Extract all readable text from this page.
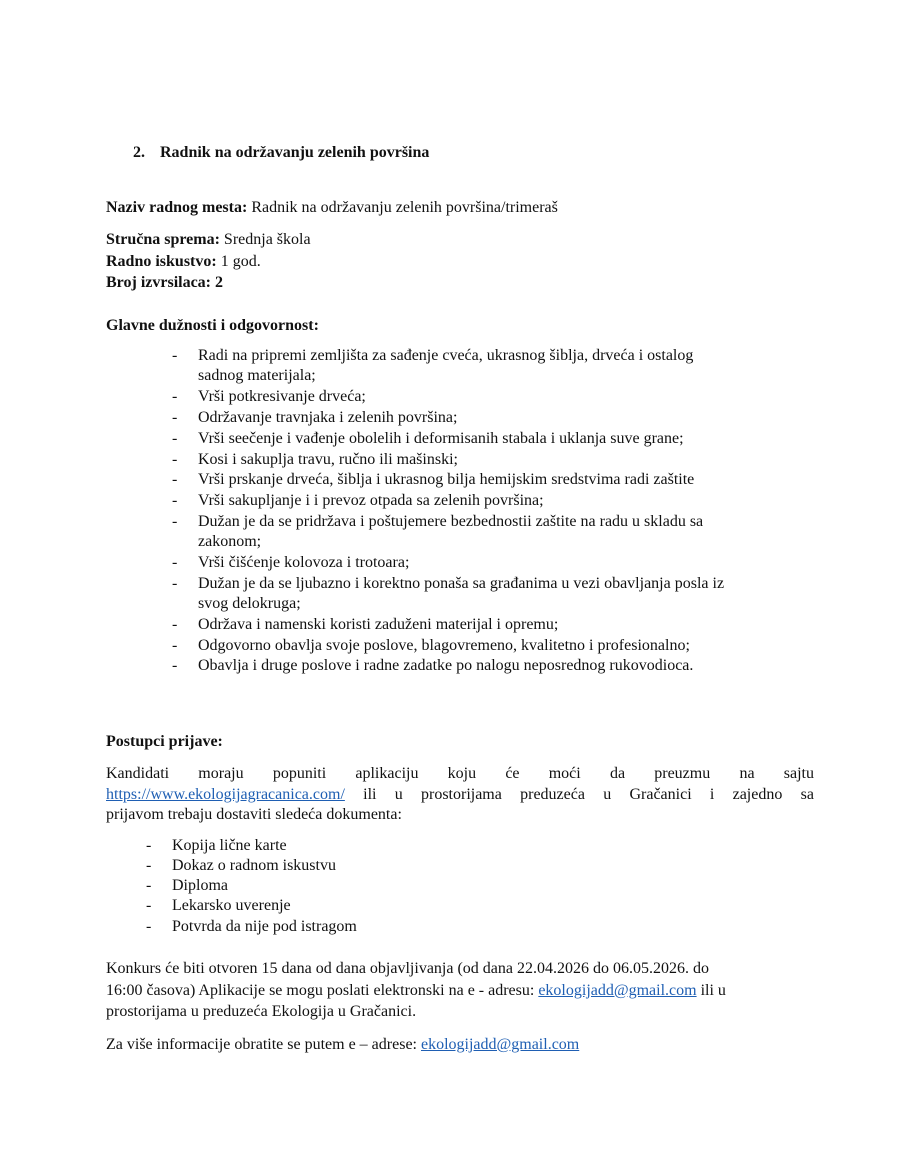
2. Radnik na održavanju zelenih površina
Naziv radnog mesta: Radnik na održavanju zelenih površina/trimeraš
Stručna sprema: Srednja škola
Radno iskustvo: 1 god.
Broj izvrsilaca: 2
Glavne dužnosti i odgovornost:
- Radi na pripremi zemljišta za sađenje cveća, ukrasnog šiblja, drveća i ostalog
sadnog materijala;
- Vrši potkresivanje drveća;
- Održavanje travnjaka i zelenih površina;
- Vrši seečenje i vađenje obolelih i deformisanih stabala i uklanja suve grane;
- Kosi i sakuplja travu, ručno ili mašinski;
- Vrši prskanje drveća, šiblja i ukrasnog bilja hemijskim sredstvima radi zaštite
- Vrši sakupljanje i i prevoz otpada sa zelenih površina;
- Dužan je da se pridržava i poštujemere bezbednostii zaštite na radu u skladu sa
zakonom;
- Vrši čišćenje kolovoza i trotoara;
- Dužan je da se ljubazno i korektno ponaša sa građanima u vezi obavljanja posla iz
svog delokruga;
- Održava i namenski koristi zaduženi materijal i opremu;
- Odgovorno obavlja svoje poslove, blagovremeno, kvalitetno i profesionalno;
- Obavlja i druge poslove i radne zadatke po nalogu neposrednog rukovodioca.
Postupci prijave:
Kandidati moraju popuniti aplikaciju koju će moći da preuzmu na sajtu
https://www.ekologijagracanica.com/ ili u prostorijama preduzeća u Gračanici i zajedno sa
prijavom trebaju dostaviti sledeća dokumenta:
- Kopija lične karte
- Dokaz o radnom iskustvu
- Diploma
- Lekarsko uverenje
- Potvrda da nije pod istragom
Konkurs će biti otvoren 15 dana od dana objavljivanja (od dana 22.04.2026 do 06.05.2026. do
16:00 časova) Aplikacije se mogu poslati elektronski na e - adresu: ekologijadd@gmail.com ili u
prostorijama u preduzeća Ekologija u Gračanici.
Za više informacije obratite se putem e – adrese: ekologijadd@gmail.com
